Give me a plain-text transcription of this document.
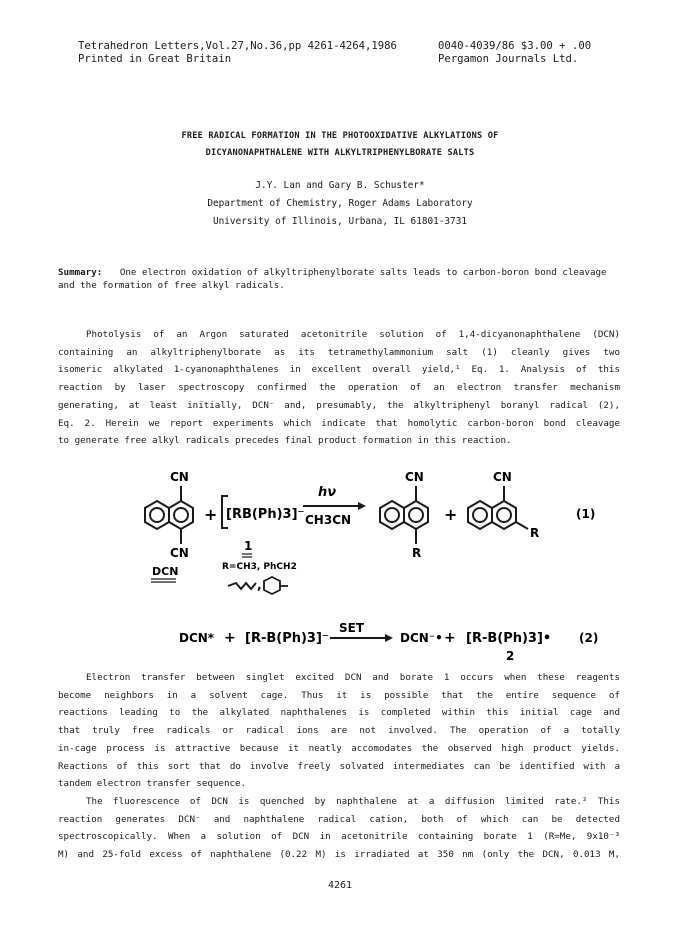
Tetrahedron Letters,Vol.27,No.36,pp 4261-4264,1986	0040-4039/86 $3.00 + .00
Printed in Great Britain	Pergamon Journals Ltd.
FREE RADICAL FORMATION IN THE PHOTOOXIDATIVE ALKYLATIONS OF
DICYANONAPHTHALENE WITH ALKYLTRIPHENYLBORATE SALTS
J.Y. Lan and Gary B. Schuster*
Department of Chemistry, Roger Adams Laboratory
University of Illinois, Urbana, IL 61801-3731
Summary: One electron oxidation of alkyltriphenylborate salts leads to carbon-boron bond cleavage and the formation of free alkyl radicals.
Photolysis of an Argon saturated acetonitrile solution of 1,4-dicyanonaphthalene (DCN)
containing an alkyltriphenylborate as its tetramethylammonium salt (1) cleanly gives two
isomeric alkylated 1-cyanonaphthalenes in excellent overall yield,¹ Eq. 1. Analysis of this
reaction by laser spectroscopy confirmed the operation of an electron transfer mechanism
generating, at least initially, DCN⁻ and, presumably, the alkyltriphenyl boranyl radical (2),
Eq. 2. Herein we report experiments which indicate that homolytic carbon-boron bond cleavage
to generate free alkyl radicals precedes final product formation in this reaction.
CN
CN
+ [RB(Ph)3]⁻
hν
CH3CN
1
R=CH3, PhCH2
,
DCN
CN
R
+
CN
R
(1)
DCN* + [R-B(Ph)3]⁻
SET
DCN⁻• + [R-B(Ph)3]•
2
(2)
Electron transfer between singlet excited DCN and borate 1 occurs when these reagents
become neighbors in a solvent cage. Thus it is possible that the entire sequence of
reactions leading to the alkylated naphthalenes is completed within this initial cage and
that truly free radicals or radical ions are not involved. The operation of a totally
in-cage process is attractive because it neatly accomodates the observed high product yields.
Reactions of this sort that do involve freely solvated intermediates can be identified with a
tandem electron transfer sequence.
The fluorescence of DCN is quenched by naphthalene at a diffusion limited rate.² This
reaction generates DCN⁻ and naphthalene radical cation, both of which can be detected
spectroscopically. When a solution of DCN in acetonitrile containing borate 1 (R=Me, 9x10⁻³
M) and 25-fold excess of naphthalene (0.22 M) is irradiated at 350 nm (only the DCN, 0.013 M,
4261
